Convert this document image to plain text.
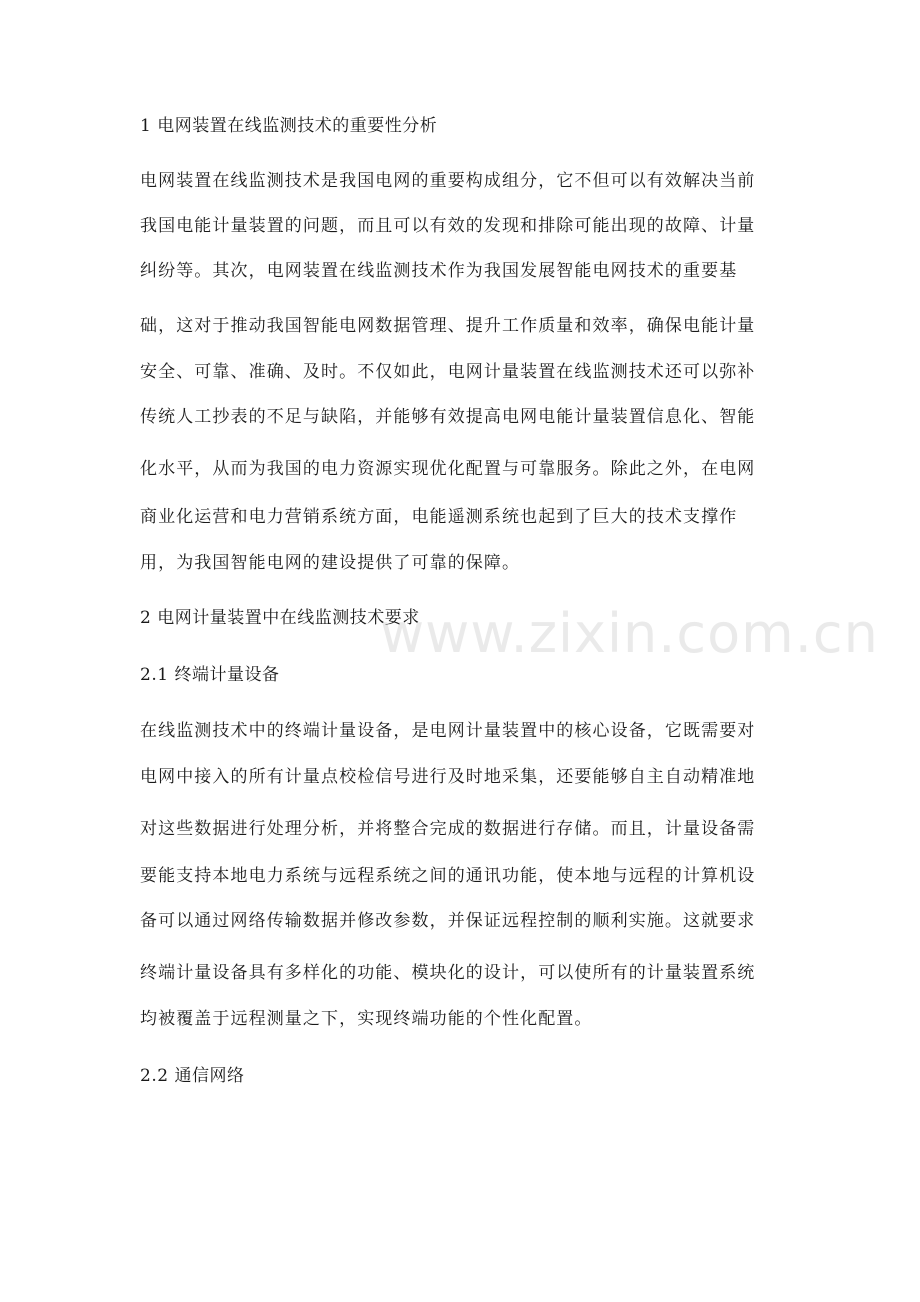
www.zixin.com.cn
1 电网装置在线监测技术的重要性分析
电网装置在线监测技术是我国电网的重要构成组分，它不但可以有效解决当前
我国电能计量装置的问题，而且可以有效的发现和排除可能出现的故障、计量
纠纷等。其次，电网装置在线监测技术作为我国发展智能电网技术的重要基
础，这对于推动我国智能电网数据管理、提升工作质量和效率，确保电能计量
安全、可靠、准确、及时。不仅如此，电网计量装置在线监测技术还可以弥补
传统人工抄表的不足与缺陷，并能够有效提高电网电能计量装置信息化、智能
化水平，从而为我国的电力资源实现优化配置与可靠服务。除此之外，在电网
商业化运营和电力营销系统方面，电能遥测系统也起到了巨大的技术支撑作
用，为我国智能电网的建设提供了可靠的保障。
2 电网计量装置中在线监测技术要求
2.1 终端计量设备
在线监测技术中的终端计量设备，是电网计量装置中的核心设备，它既需要对
电网中接入的所有计量点校检信号进行及时地采集，还要能够自主自动精准地
对这些数据进行处理分析，并将整合完成的数据进行存储。而且，计量设备需
要能支持本地电力系统与远程系统之间的通讯功能，使本地与远程的计算机设
备可以通过网络传输数据并修改参数，并保证远程控制的顺利实施。这就要求
终端计量设备具有多样化的功能、模块化的设计，可以使所有的计量装置系统
均被覆盖于远程测量之下，实现终端功能的个性化配置。
2.2 通信网络
